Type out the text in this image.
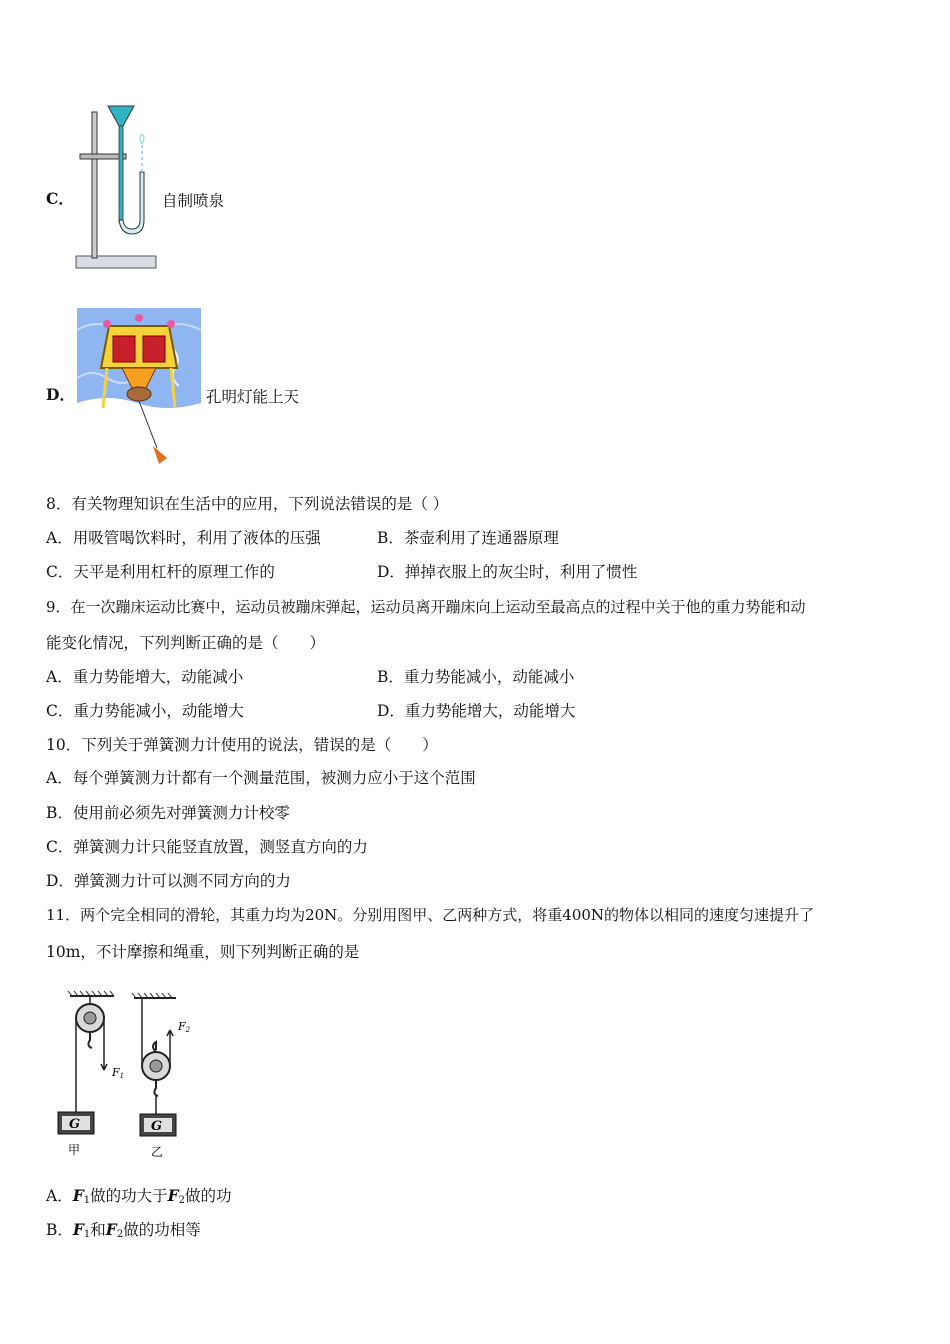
C．	自制喷泉
D．	孔明灯能上天
8．有关物理知识在生活中的应用，下列说法错误的是（ ）
A．用吸管喝饮料时，利用了液体的压强	B．茶壶利用了连通器原理
C．天平是利用杠杆的原理工作的	D．掸掉衣服上的灰尘时，利用了惯性
9．在一次蹦床运动比赛中，运动员被蹦床弹起，运动员离开蹦床向上运动至最高点的过程中关于他的重力势能和动
能变化情况，下列判断正确的是（　　）
A．重力势能增大，动能减小	B．重力势能减小，动能减小
C．重力势能减小，动能增大	D．重力势能增大，动能增大
10．下列关于弹簧测力计使用的说法，错误的是（　　）
A．每个弹簧测力计都有一个测量范围，被测力应小于这个范围
B．使用前必须先对弹簧测力计校零
C．弹簧测力计只能竖直放置，测竖直方向的力
D．弹簧测力计可以测不同方向的力
11．两个完全相同的滑轮，其重力均为20N。分别用图甲、乙两种方式，将重400N的物体以相同的速度匀速提升了
10m，不计摩擦和绳重，则下列判断正确的是
F1
G
甲
F2
G
乙
A．$F_1$做的功大于$F_2$做的功
B．$F_1$和$F_2$做的功相等
